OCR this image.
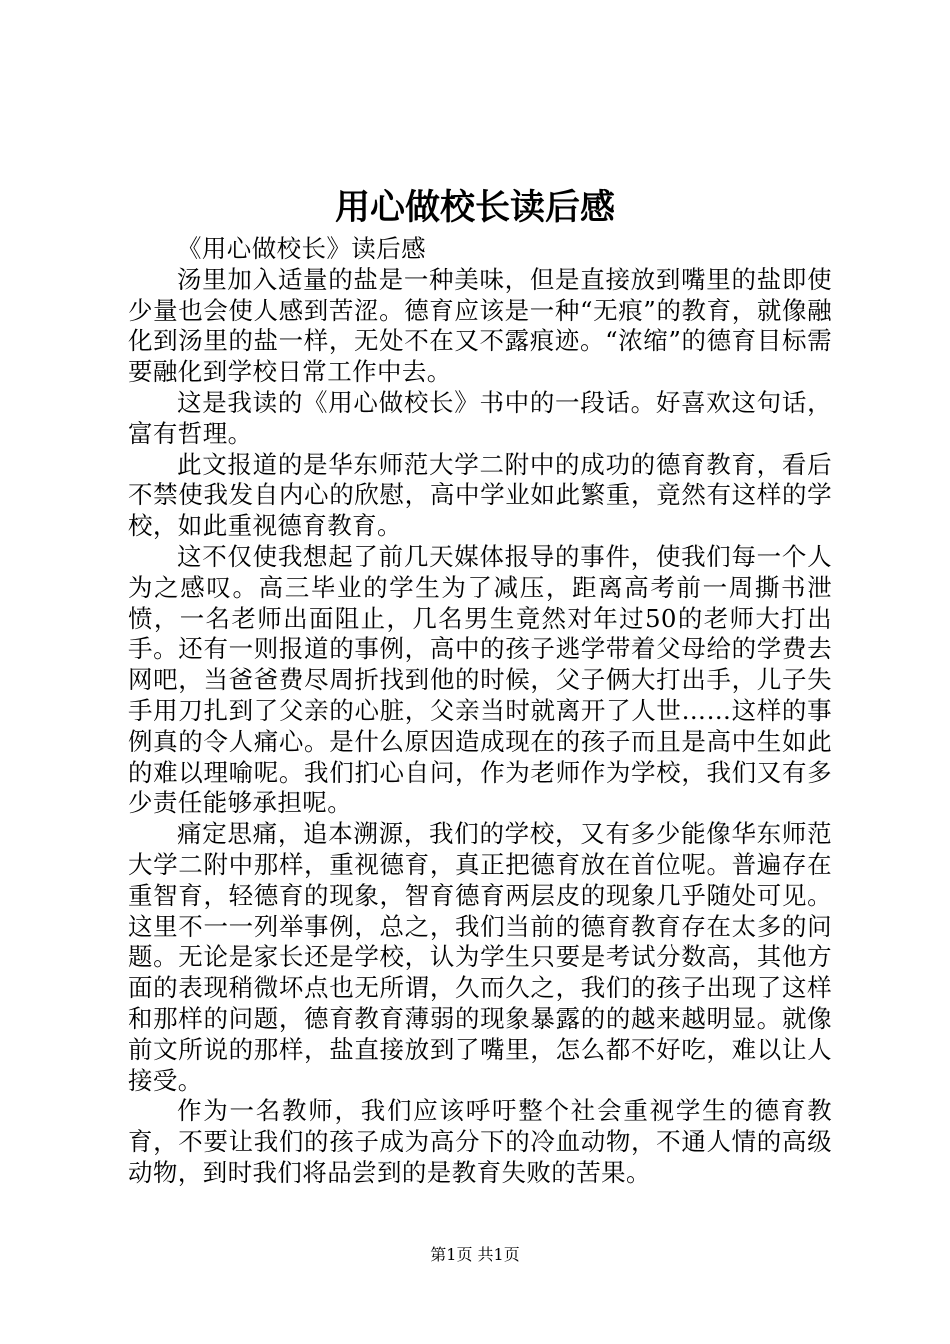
用心做校长读后感

《用心做校长》读后感

汤里加入适量的盐是一种美味，但是直接放到嘴里的盐即使少量也会使人感到苦涩。德育应该是一种“无痕”的教育，就像融化到汤里的盐一样，无处不在又不露痕迹。“浓缩”的德育目标需要融化到学校日常工作中去。

这是我读的《用心做校长》书中的一段话。好喜欢这句话，富有哲理。

此文报道的是华东师范大学二附中的成功的德育教育，看后不禁使我发自内心的欣慰，高中学业如此繁重，竟然有这样的学校，如此重视德育教育。

这不仅使我想起了前几天媒体报导的事件，使我们每一个人为之感叹。高三毕业的学生为了减压，距离高考前一周撕书泄愤，一名老师出面阻止，几名男生竟然对年过50的老师大打出手。还有一则报道的事例，高中的孩子逃学带着父母给的学费去网吧，当爸爸费尽周折找到他的时候，父子俩大打出手，儿子失手用刀扎到了父亲的心脏，父亲当时就离开了人世……这样的事例真的令人痛心。是什么原因造成现在的孩子而且是高中生如此的难以理喻呢。我们扪心自问，作为老师作为学校，我们又有多少责任能够承担呢。

痛定思痛，追本溯源，我们的学校，又有多少能像华东师范大学二附中那样，重视德育，真正把德育放在首位呢。普遍存在重智育，轻德育的现象，智育德育两层皮的现象几乎随处可见。这里不一一列举事例，总之，我们当前的德育教育存在太多的问题。无论是家长还是学校，认为学生只要是考试分数高，其他方面的表现稍微坏点也无所谓，久而久之，我们的孩子出现了这样和那样的问题，德育教育薄弱的现象暴露的的越来越明显。就像前文所说的那样，盐直接放到了嘴里，怎么都不好吃，难以让人接受。

作为一名教师，我们应该呼吁整个社会重视学生的德育教育，不要让我们的孩子成为高分下的冷血动物，不通人情的高级动物，到时我们将品尝到的是教育失败的苦果。

第1页 共1页
